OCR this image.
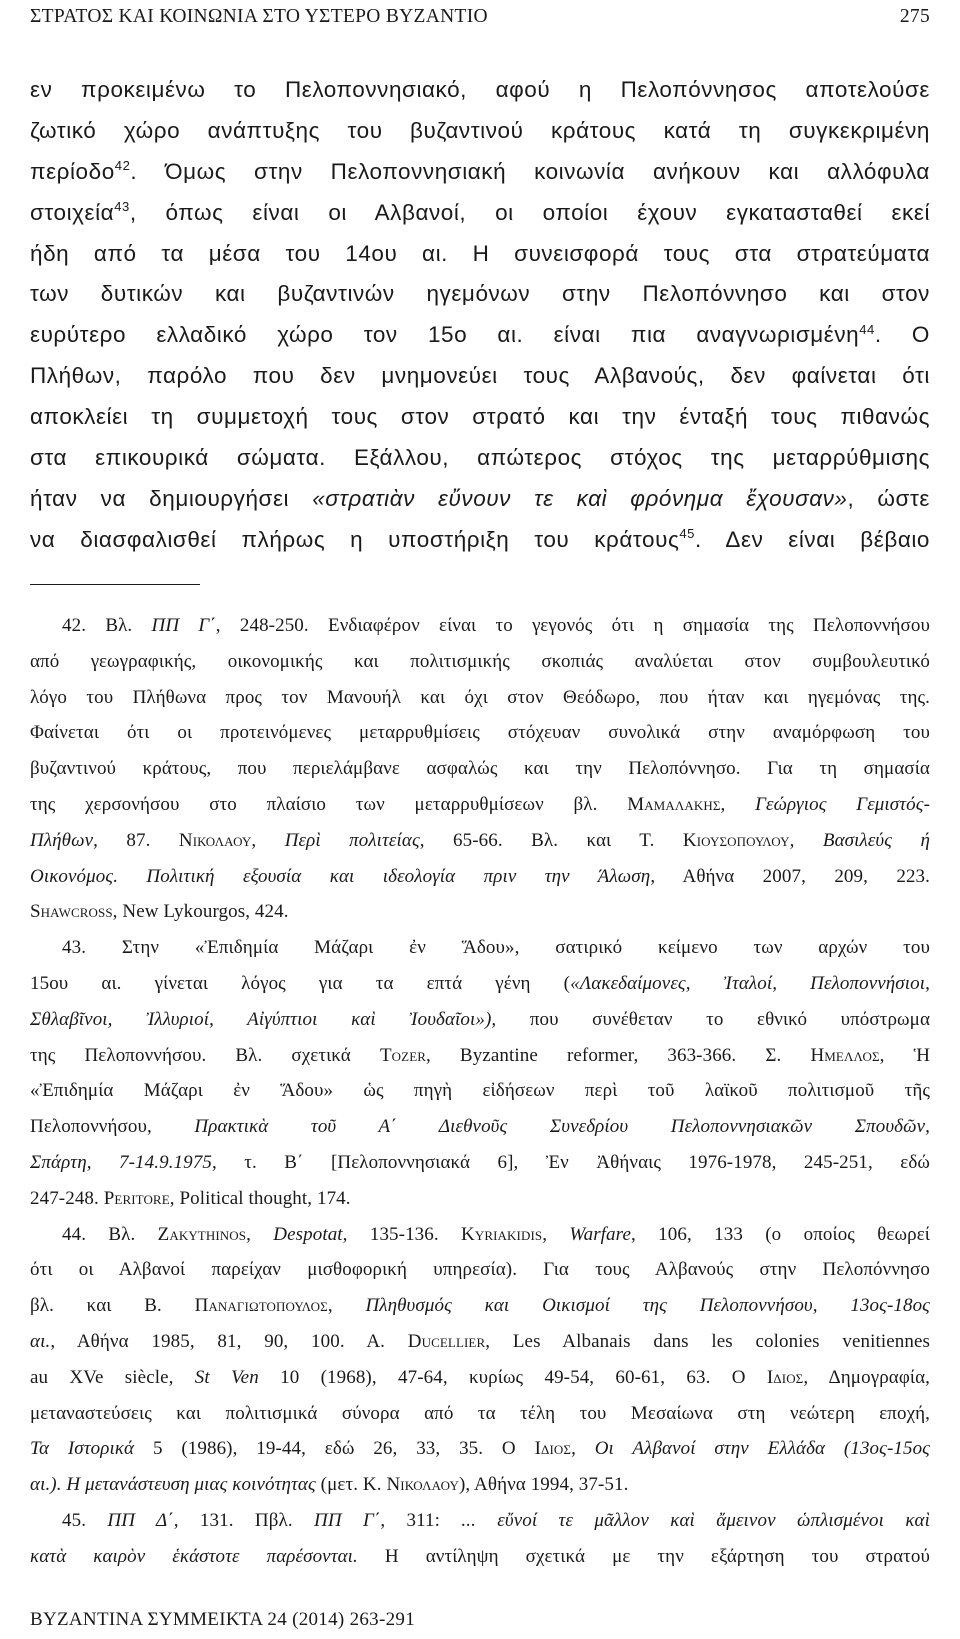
ΣΤΡΑΤΟΣ ΚΑΙ ΚΟΙΝΩΝΙΑ ΣΤΟ ΥΣΤΕΡΟ ΒΥΖΑΝΤΙΟ	275
εν προκειμένω το Πελοποννησιακό, αφού η Πελοπόννησος αποτελούσε
ζωτικό χώρο ανάπτυξης του βυζαντινού κράτους κατά τη συγκεκριμένη
περίοδο$^{42}$. Όμως στην Πελοποννησιακή κοινωνία ανήκουν και αλλόφυλα
στοιχεία$^{43}$, όπως είναι οι Αλβανοί, οι οποίοι έχουν εγκατασταθεί εκεί
ήδη από τα μέσα του 14ου αι. Η συνεισφορά τους στα στρατεύματα
των δυτικών και βυζαντινών ηγεμόνων στην Πελοπόννησο και στον
ευρύτερο ελλαδικό χώρο τον 15ο αι. είναι πια αναγνωρισμένη$^{44}$. Ο
Πλήθων, παρόλο που δεν μνημονεύει τους Αλβανούς, δεν φαίνεται ότι
αποκλείει τη συμμετοχή τους στον στρατό και την ένταξή τους πιθανώς
στα επικουρικά σώματα. Εξάλλου, απώτερος στόχος της μεταρρύθμισης
ήταν να δημιουργήσει «στρατιὰν εὔνουν τε καὶ φρόνημα ἔχουσαν», ώστε
να διασφαλισθεί πλήρως η υποστήριξη του κράτους$^{45}$. Δεν είναι βέβαιο
42. Βλ. ΠΠ Γ΄, 248-250. Ενδιαφέρον είναι το γεγονός ότι η σημασία της Πελοποννήσου
από γεωγραφικής, οικονομικής και πολιτισμικής σκοπιάς αναλύεται στον συμβουλευτικό
λόγο του Πλήθωνα προς τον Μανουήλ και όχι στον Θεόδωρο, που ήταν και ηγεμόνας της.
Φαίνεται ότι οι προτεινόμενες μεταρρυθμίσεις στόχευαν συνολικά στην αναμόρφωση του
βυζαντινού κράτους, που περιελάμβανε ασφαλώς και την Πελοπόννησο. Για τη σημασία
της χερσονήσου στο πλαίσιο των μεταρρυθμίσεων βλ. Μαμαλακης, Γεώργιος Γεμιστός-
Πλήθων, 87. Νικολαου, Περὶ πολιτείας, 65-66. Βλ. και Τ. Κιουσοπουλου, Βασιλεύς ή
Οικονόμος. Πολιτική εξουσία και ιδεολογία πριν την Άλωση, Αθήνα 2007, 209, 223.
Shawcross, New Lykourgos, 424.
43. Στην «Ἐπιδημία Μάζαρι ἐν Ἅδου», σατιρικό κείμενο των αρχών του
15ου αι. γίνεται λόγος για τα επτά γένη («Λακεδαίμονες, Ἰταλοί, Πελοποννήσιοι,
Σθλαβῖνοι, Ἰλλυριοί, Αἰγύπτιοι καὶ Ἰουδαῖοι»), που συνέθεταν το εθνικό υπόστρωμα
της Πελοποννήσου. Βλ. σχετικά Tozer, Byzantine reformer, 363-366. Σ. Ημελλος, Ἡ
«Ἐπιδημία Μάζαρι ἐν Ἅδου» ὡς πηγὴ εἰδήσεων περὶ τοῦ λαϊκοῦ πολιτισμοῦ τῆς
Πελοποννήσου, Πρακτικὰ τοῦ Α΄ Διεθνοῦς Συνεδρίου Πελοποννησιακῶν Σπουδῶν,
Σπάρτη, 7-14.9.1975, τ. Β΄ [Πελοποννησιακά 6], Ἐν Ἀθήναις 1976-1978, 245-251, εδώ
247-248. Peritore, Political thought, 174.
44. Βλ. Zakythinos, Despotat, 135-136. Kyriakidis, Warfare, 106, 133 (ο οποίος θεωρεί
ότι οι Αλβανοί παρείχαν μισθοφορική υπηρεσία). Για τους Αλβανούς στην Πελοπόννησο
βλ. και Β. Παναγιωτοπουλος, Πληθυσμός και Οικισμοί της Πελοποννήσου, 13ος-18ος
αι., Αθήνα 1985, 81, 90, 100. Α. Ducellier, Les Albanais dans les colonies venitiennes
au XVe siècle, St Ven 10 (1968), 47-64, κυρίως 49-54, 60-61, 63. Ο Ιδιος, Δημογραφία,
μεταναστεύσεις και πολιτισμικά σύνορα από τα τέλη του Μεσαίωνα στη νεώτερη εποχή,
Τα Ιστορικά 5 (1986), 19-44, εδώ 26, 33, 35. Ο Ιδιος, Οι Αλβανοί στην Ελλάδα (13ος-15ος
αι.). Η μετανάστευση μιας κοινότητας (μετ. Κ. Νικολαου), Αθήνα 1994, 37-51.
45. ΠΠ Δ΄, 131. Πβλ. ΠΠ Γ΄, 311: ... εὔνοί τε μᾶλλον καὶ ἄμεινον ὡπλισμένοι καὶ
κατὰ καιρὸν ἑκάστοτε παρέσονται. Η αντίληψη σχετικά με την εξάρτηση του στρατού
ΒΥΖΑΝΤΙΝΑ ΣΥΜΜΕΙΚΤΑ 24 (2014) 263-291
